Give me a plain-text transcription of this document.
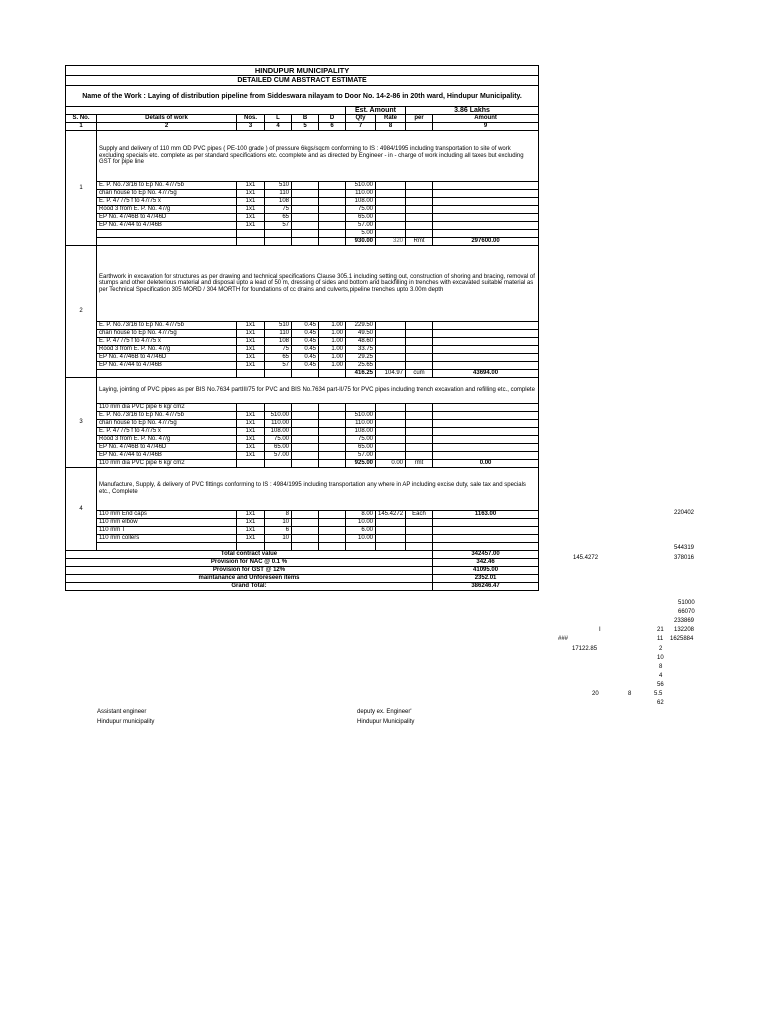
HINDUPUR MUNICIPALITY									
DETAILED CUM ABSTRACT ESTIMATE									
Name of the Work : Laying of distribution pipeline from Siddeswara nilayam to Door No. 14-2-86 in 20th ward, Hindupur Municipality.									
						Est. Amount		3.86 Lakhs	
S. No.	Details of work	Nos.	L	B	D	Qty	Rate	per	Amount
1	2	3	4	5	6	7	8		9
1	Supply and delivery of 110 mm OD PVC pipes ( PE-100 grade ) of pressure 6kgs/sqcm conforming to IS : 4984/1995 including transportation to site of work excluding specials etc. complete as per standard specifications etc. ccomplete and as directed by Engineer - in - charge of work including all taxes but excluding GST for pipe line								
	E. P. No.73/16 to Ep No. 47/75b	1x1	510			510.00			
	chari house to Ep No. 47/75g	1x1	110			110.00			
	E. P. 47 /75 f to 47/75 x	1x1	108			108.00			
	Rood 3 from E. P. No. 47/g	1x1	75			75.00			
	EP No. 47/46B to 47/46D	1x1	65			65.00			
	EP No. 47/44 to 47/46B	1x1	57			57.00			
						5.00			
						930.00	320	Rmt	297600.00
2	Earthwork in excavation for structures as per drawing and technical specifications Clause 305.1 including setting out, construction of shoring and bracing, removal of stumps and other deleterious material and disposal upto a lead of 50 m, dressing of sides and bottom and backfilling in trenches with excavated suitable material as per Technical Specification 305 MORD / 304 MORTH for foundations of cc drains and culverts,pipeline trenches upto 3.00m depth								
	E. P. No.73/16 to Ep No. 47/75b	1x1	510	0.45	1.00	229.50			
	chari house to Ep No. 47/75g	1x1	110	0.45	1.00	49.50			
	E. P. 47 /75 f to 47/75 x	1x1	108	0.45	1.00	48.60			
	Rood 3 from E. P. No. 47/g	1x1	75	0.45	1.00	33.75			
	EP No. 47/46B to 47/46D	1x1	65	0.45	1.00	29.25			
	EP No. 47/44 to 47/46B	1x1	57	0.45	1.00	25.65			
						416.25	104.97	cum	43694.00
3	Laying, jointing of PVC pipes as per BIS No.7634 partIII/75 for PVC and BIS No.7634 part-II/75 for PVC pipes including trench excavation and refilling etc., complete								
	110 mm dia PVC pipe 6 kg/ cm2								
	E. P. No.73/16 to Ep No. 47/75b	1x1	510.00			510.00			
	chari house to Ep No. 47/75g	1x1	110.00			110.00			
	E. P. 47 /75 f to 47/75 x	1x1	108.00			108.00			
	Rood 3 from E. P. No. 47/g	1x1	75.00			75.00			
	EP No. 47/46B to 47/46D	1x1	65.00			65.00			
	EP No. 47/44 to 47/46B	1x1	57.00			57.00			
	110 mm dia PVC pipe 6 kg/ cm2					925.00	0.00	rmt	0.00
4	Manufacture, Supply, & delivery of PVC fittings conforming to IS : 4984/1995 including transportation any where in AP including excise duty, sale tax and specials etc., Complete								
	110 mm End caps	1x1	8			8.00	145.4272	Each	1163.00
	110 mm elbow	1x1	10			10.00			
	110 mm T	1x1	6			6.00			
	110 mm collers	1x1	10			10.00			

Total contract value									342457.00
Provision for NAC @ 0.1 %									342.46
Provision for GST @ 12%									41095.00
maintanance and Unforeseen items									2352.01
Grand Total:									386246.47
220402
544319
145.4272	378016
51000
66070
233869
I	21 132208
###	11 1625884
17122.85	2
10
8
4
56
20	8	5.5
62
Assistant engineer
Hindupur municipality
deputy ex. Engineer'
Hindupur Municipality
